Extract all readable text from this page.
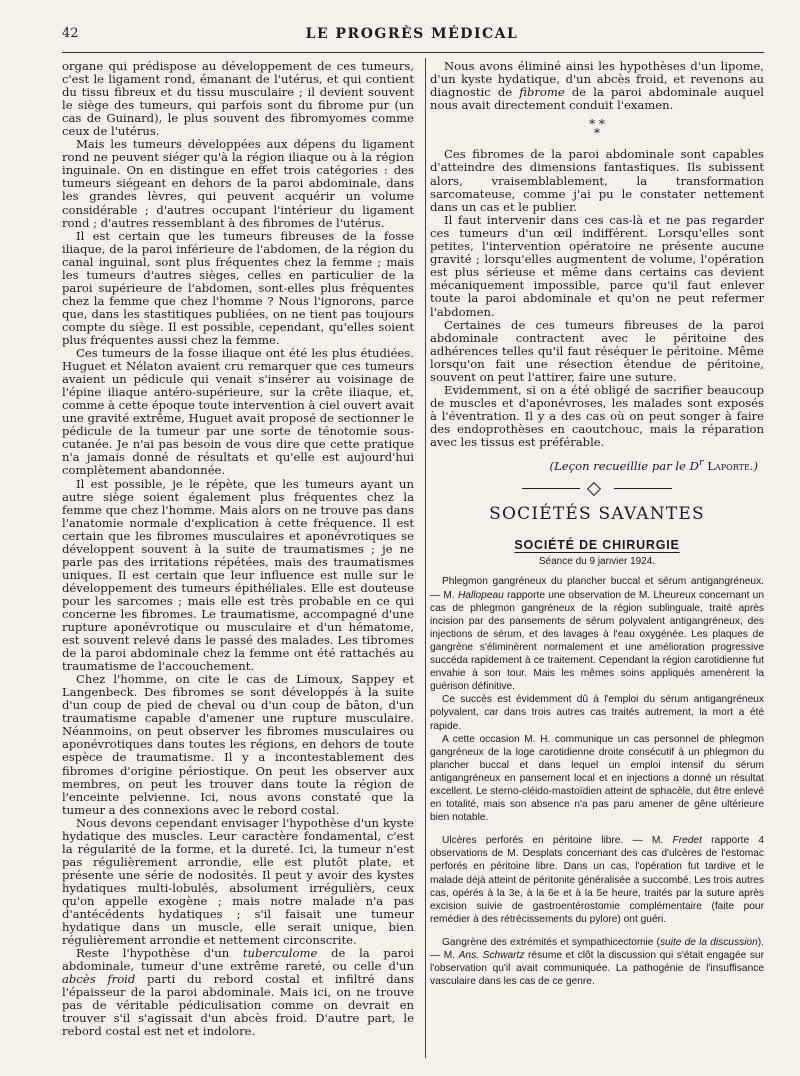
42	LE PROGRÈS MÉDICAL

organe qui prédispose au développement de ces tumeurs, c'est le ligament rond, émanant de l'utérus, et qui contient du tissu fibreux et du tissu musculaire ; il devient souvent le siège des tumeurs, qui parfois sont du fibrome pur (un cas de Guinard), le plus souvent des fibromyomes comme ceux de l'utérus.

Mais les tumeurs développées aux dépens du ligament rond ne peuvent siéger qu'à la région iliaque ou à la région inguinale. On en distingue en effet trois catégories : des tumeurs siégeant en dehors de la paroi abdominale, dans les grandes lèvres, qui peuvent acquérir un volume considérable ; d'autres occupant l'intérieur du ligament rond ; d'autres ressemblant à des fibromes de l'utérus.

Il est certain que les tumeurs fibreuses de la fosse iliaque, de la paroi inférieure de l'abdomen, de la région du canal inguinal, sont plus fréquentes chez la femme ; mais les tumeurs d'autres sièges, celles en particulier de la paroi supérieure de l'abdomen, sont-elles plus fréquentes chez la femme que chez l'homme ? Nous l'ignorons, parce que, dans les stastitiques publiées, on ne tient pas toujours compte du siège. Il est possible, cependant, qu'elles soient plus fréquentes aussi chez la femme.

Ces tumeurs de la fosse iliaque ont été les plus étudiées. Huguet et Nélaton avaient cru remarquer que ces tumeurs avaient un pédicule qui venait s'insérer au voisinage de l'épine iliaque antéro-supérieure, sur la crête iliaque, et, comme à cette époque toute intervention à ciel ouvert avait une gravité extrême, Huguet avait proposé de sectionner le pédicule de la tumeur par une sorte de ténotomie sous-cutanée. Je n'ai pas besoin de vous dire que cette pratique n'a jamais donné de résultats et qu'elle est aujourd'hui complètement abandonnée.

Il est possible, je le répète, que les tumeurs ayant un autre siège soient également plus fréquentes chez la femme que chez l'homme. Mais alors on ne trouve pas dans l'anatomie normale d'explication à cette fréquence. Il est certain que les fibromes musculaires et aponévrotiques se développent souvent à la suite de traumatismes ; je ne parle pas des irritations répétées, mais des traumatismes uniques. Il est certain que leur influence est nulle sur le développement des tumeurs épithéliales. Elle est douteuse pour les sarcomes ; mais elle est très probable en ce qui concerne les fibromes. Le traumatisme, accompagné d'une rupture aponévrotique ou musculaire et d'un hématome, est souvent relevé dans le passé des malades. Les tibromes de la paroi abdominale chez la femme ont été rattachés au traumatisme de l'accouchement.

Chez l'homme, on cite le cas de Limoux, Sappey et Langenbeck. Des fibromes se sont développés à la suite d'un coup de pied de cheval ou d'un coup de bâton, d'un traumatisme capable d'amener une rupture musculaire. Néanmoins, on peut observer les fibromes musculaires ou aponévrotiques dans toutes les régions, en dehors de toute espèce de traumatisme. Il y a incontestablement des fibromes d'origine périostique. On peut les observer aux membres, on peut les trouver dans toute la région de l'enceinte pelvienne. Ici, nous avons constaté que la tumeur a des connexions avec le rebord costal.

Nous devons cependant envisager l'hypothèse d'un kyste hydatique des muscles. Leur caractère fondamental, c'est la régularité de la forme, et la dureté. Ici, la tumeur n'est pas régulièrement arrondie, elle est plutôt plate, et présente une série de nodosités. Il peut y avoir des kystes hydatiques multi-lobulés, absolument irrégulièrs, ceux qu'on appelle exogène ; mais notre malade n'a pas d'antécédents hydatiques ; s'il faisait une tumeur hydatique dans un muscle, elle serait unique, bien régulièrement arrondie et nettement circonscrite.

Reste l'hypothèse d'un tuberculome de la paroi abdominale, tumeur d'une extrême rareté, ou celle d'un abcès froid parti du rebord costal et infiltré dans l'épaisseur de la paroi abdominale. Mais ici, on ne trouve pas de véritable pédiculisation comme on devrait en trouver s'il s'agissait d'un abcès froid. D'autre part, le rebord costal est net et indolore.

Nous avons éliminé ainsi les hypothèses d'un lipome, d'un kyste hydatique, d'un abcès froid, et revenons au diagnostic de fibrome de la paroi abdominale auquel nous avait directement conduit l'examen.

* *
*

Ces fibromes de la paroi abdominale sont capables d'atteindre des dimensions fantastiques. Ils subissent alors, vraisemblablement, la transformation sarcomateuse, comme j'ai pu le constater nettement dans un cas et le publier.

Il faut intervenir dans ces cas-là et ne pas regarder ces tumeurs d'un œil indifférent. Lorsqu'elles sont petites, l'intervention opératoire ne présente aucune gravité ; lorsqu'elles augmentent de volume, l'opération est plus sérieuse et même dans certains cas devient mécaniquement impossible, parce qu'il faut enlever toute la paroi abdominale et qu'on ne peut refermer l'abdomen.

Certaines de ces tumeurs fibreuses de la paroi abdominale contractent avec le péritoine des adhérences telles qu'il faut réséquer le péritoine. Même lorsqu'on fait une résection étendue de péritoine, souvent on peut l'attirer, faire une suture.

Evidemment, si on a été obligé de sacrifier beaucoup de muscles et d'aponévroses, les malades sont exposés à l'éventration. Il y a des cas où on peut songer à faire des endoprothèses en caoutchouc, mais la réparation avec les tissus est préférable.

(Leçon recueillie par le $D^r$ Laporte.)

SOCIÉTÉS SAVANTES
SOCIÉTÉ DE CHIRURGIE
Séance du 9 janvier 1924.

Phlegmon gangréneux du plancher buccal et sérum antigangréneux. — M. Hallopeau rapporte une observation de M. Lheureux concernant un cas de phlegmon gangréneux de la région sublinguale, traité après incision par des pansements de sérum polyvalent antigangréneux, des injections de sérum, et des lavages à l'eau oxygénée. Les plaques de gangrène s'éliminèrent normalement et une amélioration progressive succéda rapidement à ce traitement. Cependant la région carotidienne fut envahie à son tour. Mais les mêmes soins appliqués amenèrent la guérison définitive.

Ce succès est évidemment dû à l'emploi du sérum antigangréneux polyvalent, car dans trois autres cas traités autrement, la mort a été rapide.

A cette occasion M. H. communique un cas personnel de phlegmon gangréneux de la loge carotidienne droite consécutif à un phlegmon du plancher buccal et dans lequel un emploi intensif du sérum antigangréneux en pansement local et en injections a donné un résultat excellent. Le sterno-cléido-mastoïdien atteint de sphacèle, dut être enlevé en totalité, mais son absence n'a pas paru amener de gêne ultérieure bien notable.

Ulcères perforés en péritoine libre. — M. Fredet rapporte 4 observations de M. Desplats concernant des cas d'ulcères de l'estomac perforés en péritoine libre. Dans un cas, l'opération fut tardive et le malade déjà atteint de péritonite généralisée a succombé. Les trois autres cas, opérés à la 3e, à la 6e et à la 5e heure, traités par la suture après excision suivie de gastroentérostomie complémentaire (faite pour remédier à des rétrécissements du pylore) ont guéri.

Gangrène des extrémités et sympathicectomie (suite de la discussion). — M. Ans. Schwartz résume et clôt la discussion qui s'était engagée sur l'observation qu'il avait communiquée. La pathogénie de l'insuffisance vasculaire dans les cas de ce genre.
